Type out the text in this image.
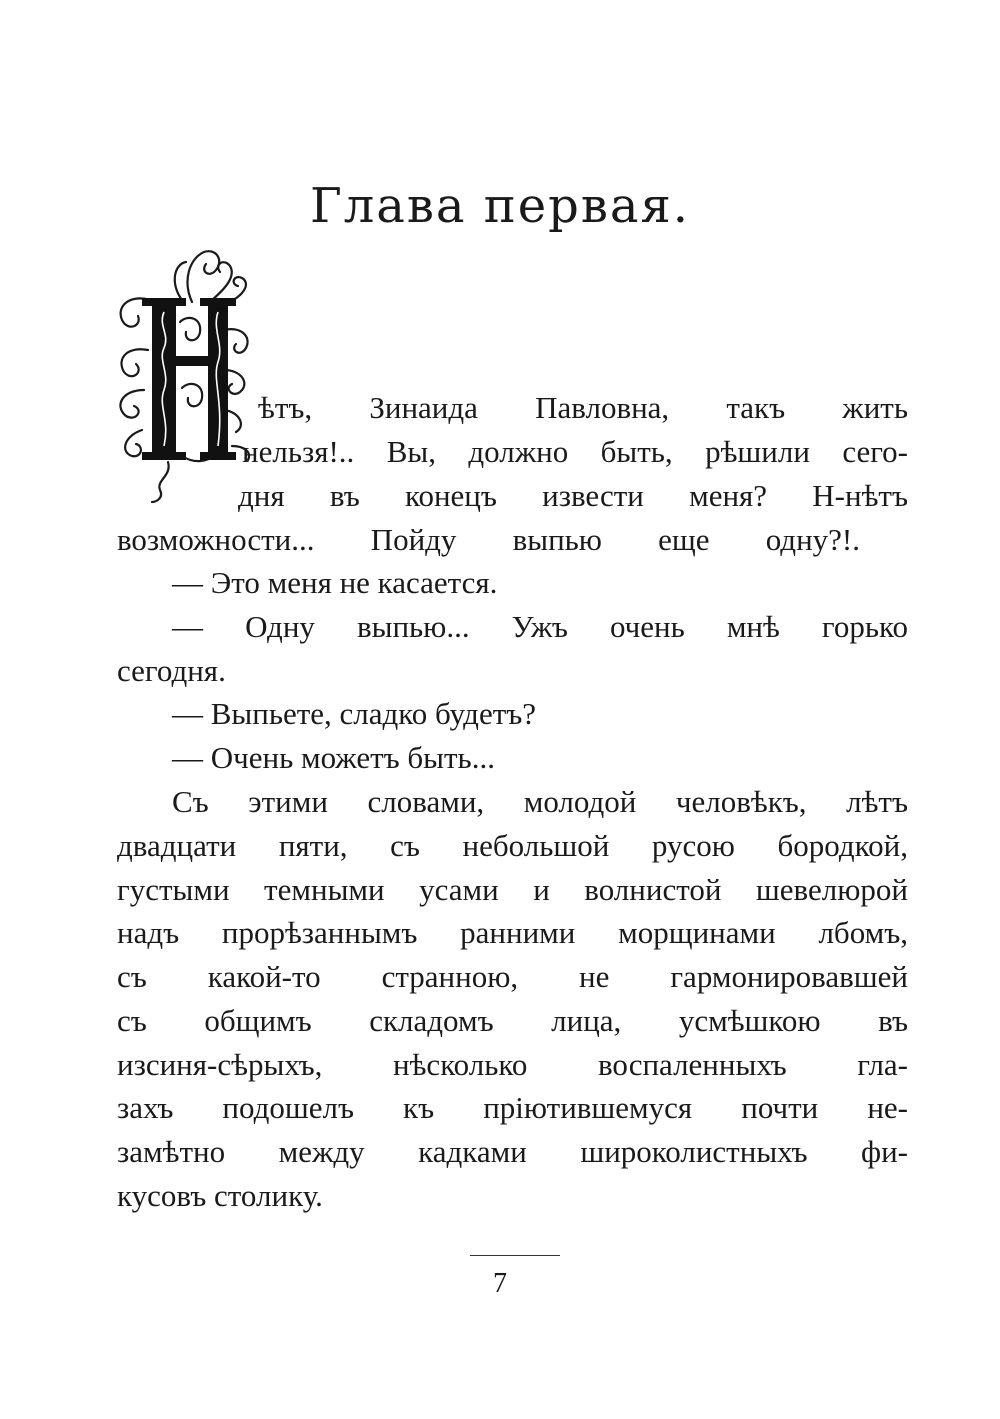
Глава первая.
Н ѣтъ, Зинаида Павловна, такъ жить
нельзя!.. Вы, должно быть, рѣшили сего-
дня въ конецъ извести меня? Н-нѣтъ
возможности... Пойду выпью еще одну?!.
— Это меня не касается.
— Одну выпью... Ужъ очень мнѣ горько
сегодня.
— Выпьете, сладко будетъ?
— Очень можетъ быть...
Съ этими словами, молодой человѣкъ, лѣтъ
двадцати пяти, съ небольшой русою бородкой,
густыми темными усами и волнистой шевелюрой
надъ прорѣзаннымъ ранними морщинами лбомъ,
съ какой-то странною, не гармонировавшей
съ общимъ складомъ лица, усмѣшкою въ
изсиня-сѣрыхъ, нѣсколько воспаленныхъ гла-
захъ подошелъ къ пріютившемуся почти не-
замѣтно между кадками широколистныхъ фи-
кусовъ столику.
7
